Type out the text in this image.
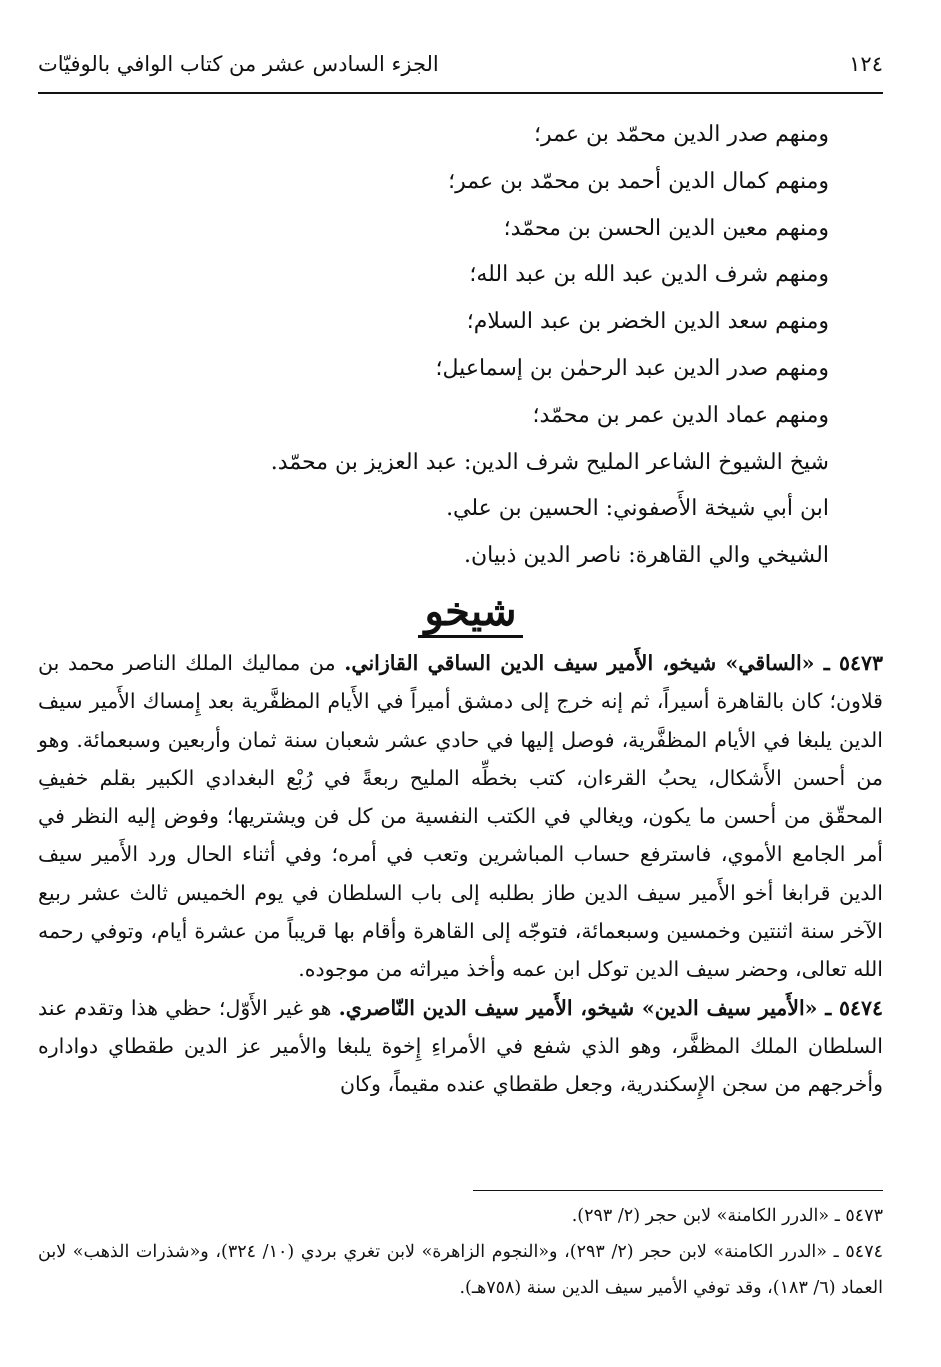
١٢٤
الجزء السادس عشر من كتاب الوافي بالوفيّات
ومنهم صدر الدين محمّد بن عمر؛
ومنهم كمال الدين أحمد بن محمّد بن عمر؛
ومنهم معين الدين الحسن بن محمّد؛
ومنهم شرف الدين عبد الله بن عبد الله؛
ومنهم سعد الدين الخضر بن عبد السلام؛
ومنهم صدر الدين عبد الرحمٰن بن إسماعيل؛
ومنهم عماد الدين عمر بن محمّد؛
شيخ الشيوخ الشاعر المليح شرف الدين: عبد العزيز بن محمّد.
ابن أبي شيخة الأَصفوني: الحسين بن علي.
الشيخي والي القاهرة: ناصر الدين ذبيان.
شيخو

٥٤٧٣ ـ «الساقي» شيخو، الأَمير سيف الدين الساقي القازاني. من مماليك الملك الناصر محمد بن قلاون؛ كان بالقاهرة أسيراً، ثم إنه خرج إلى دمشق أميراً في الأَيام المظفَّرية بعد إِمساك الأَمير سيف الدين يلبغا في الأيام المظفَّرية، فوصل إليها في حادي عشر شعبان سنة ثمان وأربعين وسبعمائة. وهو من أحسن الأَشكال، يحبُ القرءان، كتب بخطِّه المليح ربعةً في رُبْع البغدادي الكبير بقلم خفيفِ المحقّق من أحسن ما يكون، ويغالي في الكتب النفسية من كل فن ويشتريها؛ وفوض إليه النظر في أمر الجامع الأموي، فاسترفع حساب المباشرين وتعب في أمره؛ وفي أثناء الحال ورد الأَمير سيف الدين قرابغا أخو الأَمير سيف الدين طاز بطلبه إلى باب السلطان في يوم الخميس ثالث عشر ربيع الآخر سنة اثنتين وخمسين وسبعمائة، فتوجّه إلى القاهرة وأقام بها قريباً من عشرة أيام، وتوفي رحمه الله تعالى، وحضر سيف الدين توكل ابن عمه وأخذ ميراثه من موجوده.

٥٤٧٤ ـ «الأَمير سيف الدين» شيخو، الأَمير سيف الدين النّاصري. هو غير الأَوّل؛ حظي هذا وتقدم عند السلطان الملك المظفَّر، وهو الذي شفع في الأمراءِ إِخوة يلبغا والأمير عز الدين طقطاي دواداره وأخرجهم من سجن الإِسكندرية، وجعل طقطاي عنده مقيماً، وكان

٥٤٧٣ ـ «الدرر الكامنة» لابن حجر (٢/ ٢٩٣).

٥٤٧٤ ـ «الدرر الكامنة» لابن حجر (٢/ ٢٩٣)، و«النجوم الزاهرة» لابن تغري بردي (١٠/ ٣٢٤)، و«شذرات الذهب» لابن العماد (٦/ ١٨٣)، وقد توفي الأمير سيف الدين سنة (٧٥٨هـ).
